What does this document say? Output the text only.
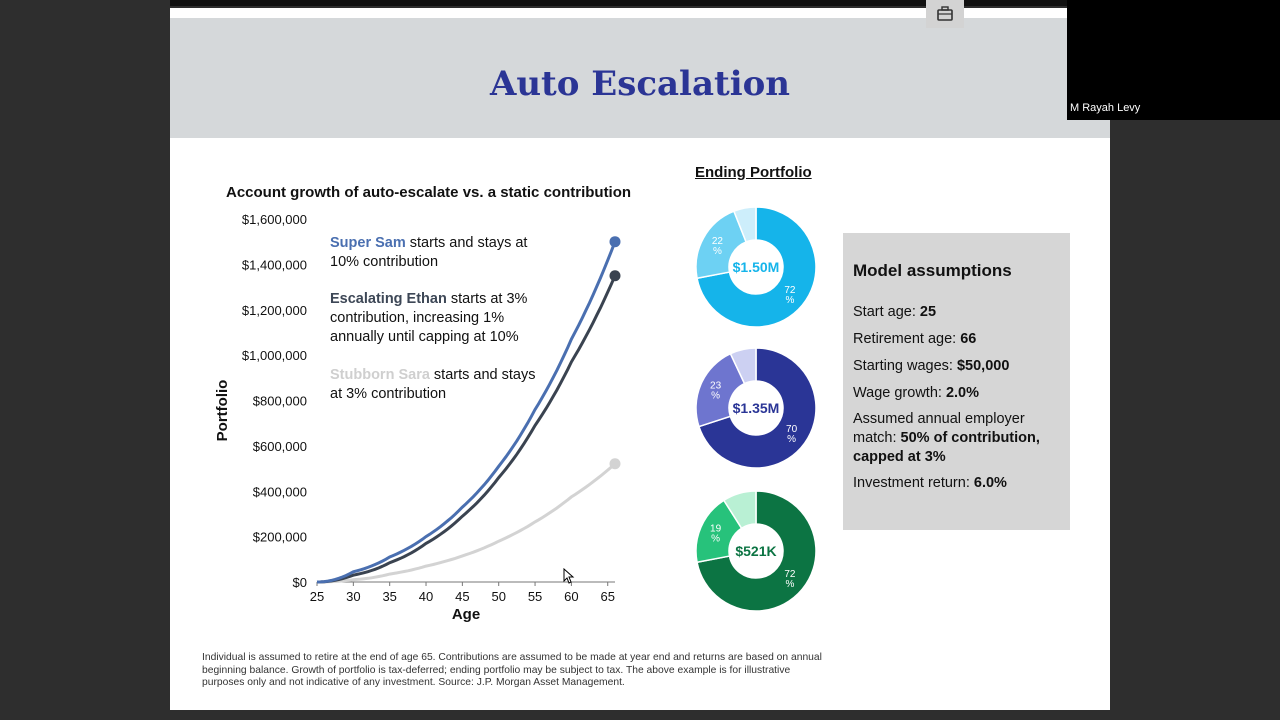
Auto Escalation
M Rayah Levy
Account growth of auto-escalate vs. a static contribution
$0
$200,000
$400,000
$600,000
$800,000
$1,000,000
$1,200,000
$1,400,000
$1,600,000
25 30 35 40 45 50 55 60 65
Age
Portfolio
Super Sam starts and stays at
10% contribution
Escalating Ethan starts at 3%
contribution, increasing 1%
annually until capping at 10%
Stubborn Sara starts and stays
at 3% contribution
Ending Portfolio
72 %
22 %
$1.50M
70 %
23 %
$1.35M
72 %
19 %
$521K
Model assumptions
Start age: 25
Retirement age: 66
Starting wages: $50,000
Wage growth: 2.0%
Assumed annual employer match: 50% of contribution, capped at 3%
Investment return: 6.0%
Individual is assumed to retire at the end of age 65. Contributions are assumed to be made at year end and returns are based on annual beginning balance. Growth of portfolio is tax-deferred; ending portfolio may be subject to tax. The above example is for illustrative purposes only and not indicative of any investment. Source: J.P. Morgan Asset Management.
